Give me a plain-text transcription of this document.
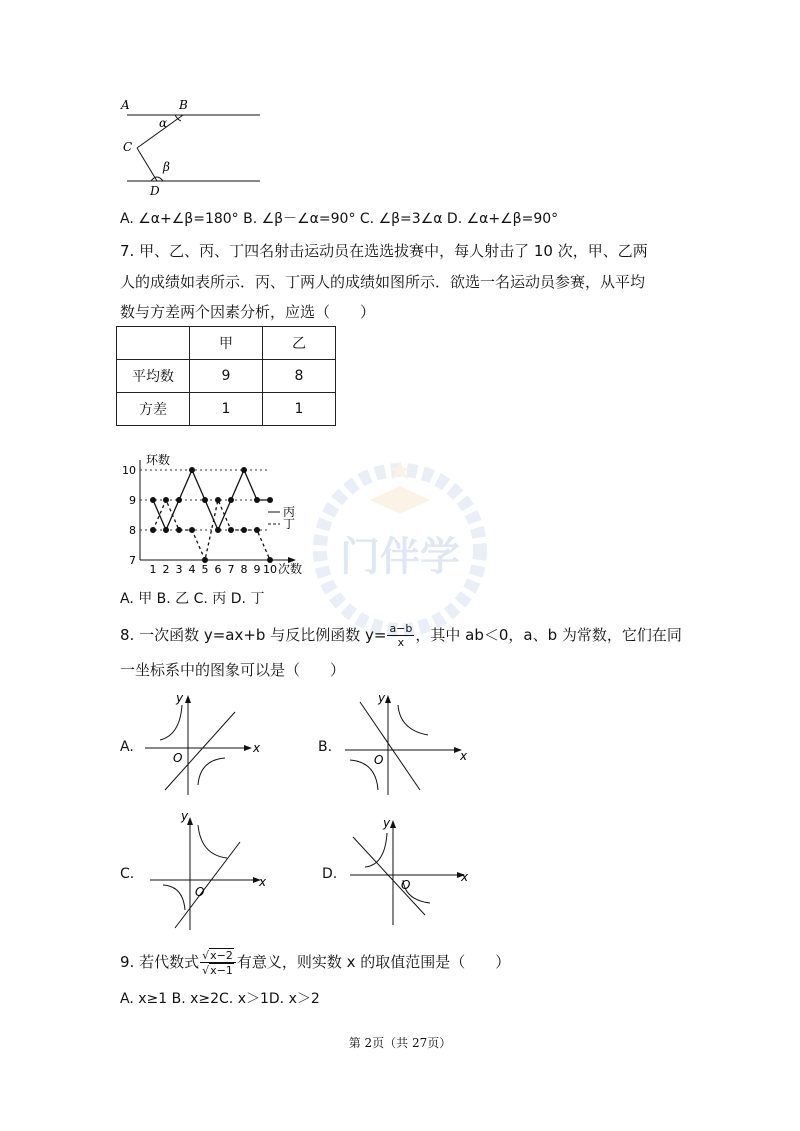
门伴学
A	B
C
D
α
β
A. ∠α+∠β=180° B. ∠β－∠α=90° C. ∠β=3∠α D. ∠α+∠β=90°
7. 甲、乙、丙、丁四名射击运动员在选选拔赛中，每人射击了 10 次，甲、乙两
人的成绩如表所示．丙、丁两人的成绩如图所示．欲选一名运动员参赛，从平均
数与方差两个因素分析，应选（　　）
	甲	乙
平均数	9	8
方差	1	1
7
8
9
10
1 2 3 4 5 6 7 8 9 10
环数
次数
丙
丁
A. 甲 B. 乙 C. 丙 D. 丁
8. 一次函数 y=ax+b 与反比例函数 $y= \frac{a-b}{x}$ ，其中 ab＜0，a、b 为常数，它们在同
一坐标系中的图象可以是（　　）
A.	x
y
O
B.
x
y
O
C.	x
y
O
D.	x
y
O
9. 若代数式 $\frac{√x-2}{√x-1}$ 有意义，则实数 x 的取值范围是（　　）
A. x≥1 B. x≥2C. x＞1D. x＞2
第 2页（共 27页）
